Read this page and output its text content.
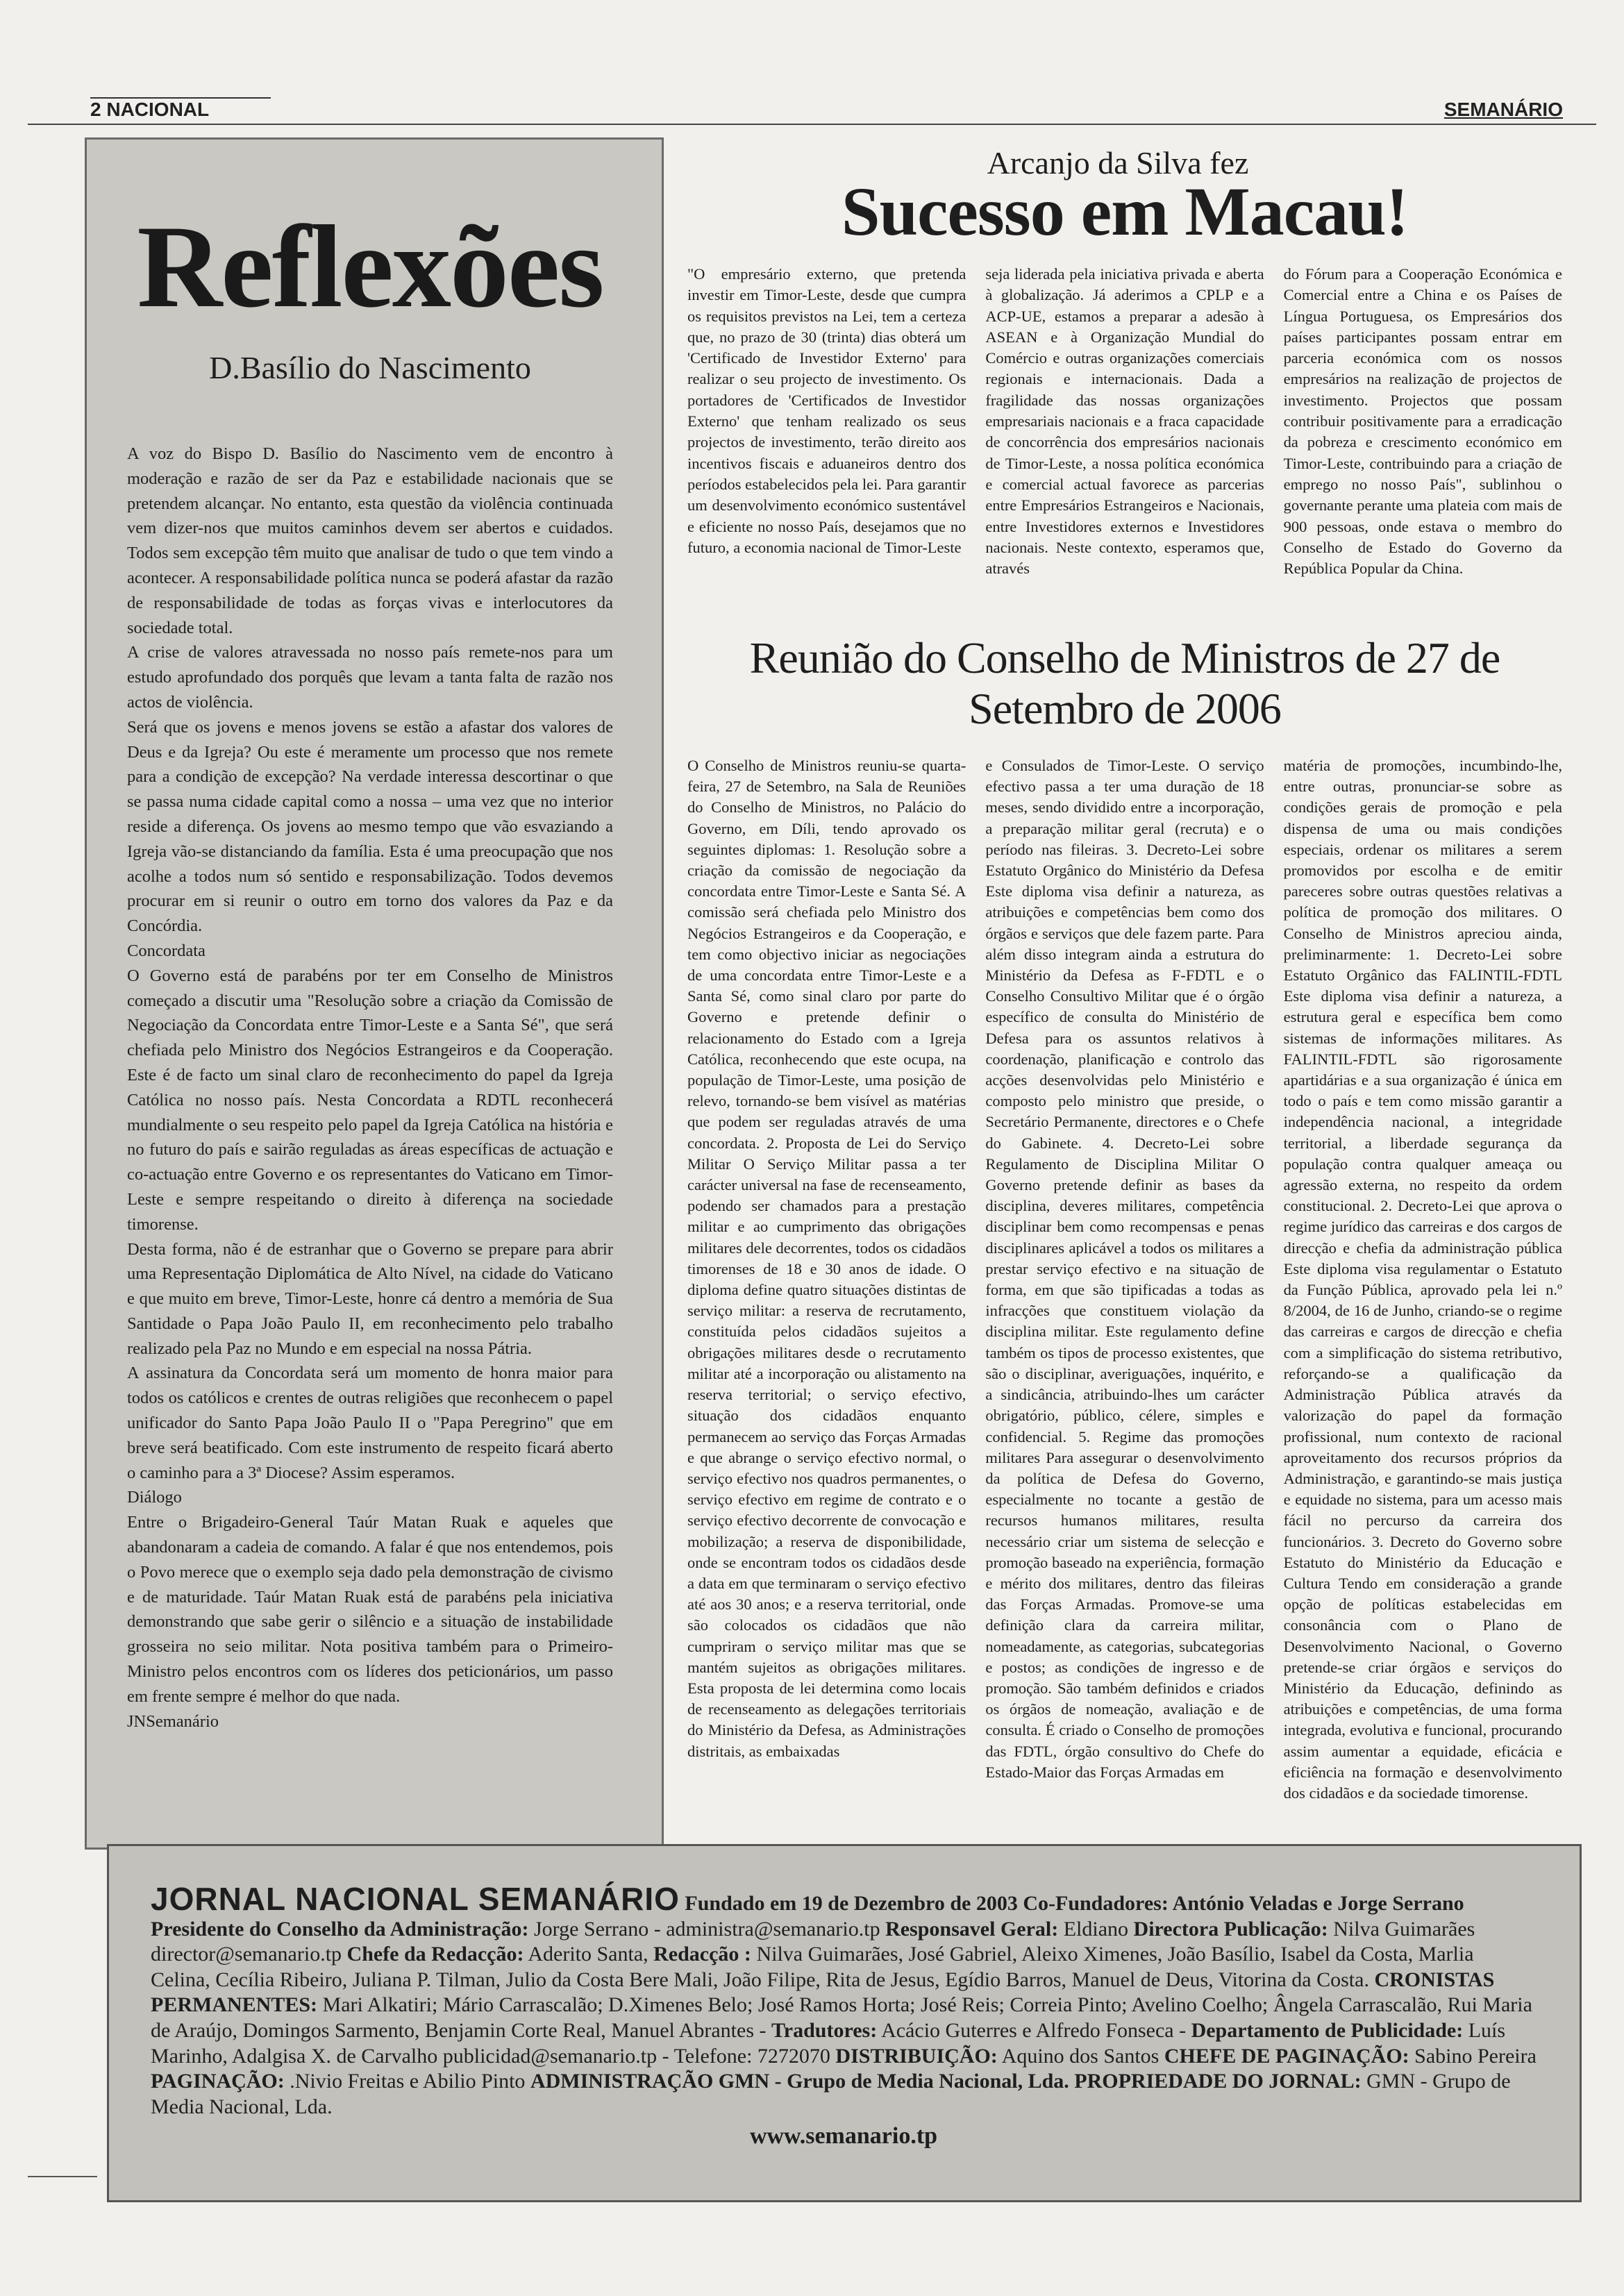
2 NACIONAL	SEMANÁRIO
Reflexões
D.Basílio do Nascimento

A voz do Bispo D. Basílio do Nascimento vem de encontro à moderação e razão de ser da Paz e estabilidade nacionais que se pretendem alcançar. No entanto, esta questão da violência continuada vem dizer-nos que muitos caminhos devem ser abertos e cuidados. Todos sem excepção têm muito que analisar de tudo o que tem vindo a acontecer. A responsabilidade política nunca se poderá afastar da razão de responsabilidade de todas as forças vivas e interlocutores da sociedade total.

A crise de valores atravessada no nosso país remete-nos para um estudo aprofundado dos porquês que levam a tanta falta de razão nos actos de violência.

Será que os jovens e menos jovens se estão a afastar dos valores de Deus e da Igreja? Ou este é meramente um processo que nos remete para a condição de excepção? Na verdade interessa descortinar o que se passa numa cidade capital como a nossa – uma vez que no interior reside a diferença. Os jovens ao mesmo tempo que vão esvaziando a Igreja vão-se distanciando da família. Esta é uma preocupação que nos acolhe a todos num só sentido e responsabilização. Todos devemos procurar em si reunir o outro em torno dos valores da Paz e da Concórdia.

Concordata

O Governo está de parabéns por ter em Conselho de Ministros começado a discutir uma "Resolução sobre a criação da Comissão de Negociação da Concordata entre Timor-Leste e a Santa Sé", que será chefiada pelo Ministro dos Negócios Estrangeiros e da Cooperação. Este é de facto um sinal claro de reconhecimento do papel da Igreja Católica no nosso país. Nesta Concordata a RDTL reconhecerá mundialmente o seu respeito pelo papel da Igreja Católica na história e no futuro do país e sairão reguladas as áreas específicas de actuação e co-actuação entre Governo e os representantes do Vaticano em Timor-Leste e sempre respeitando o direito à diferença na sociedade timorense.

Desta forma, não é de estranhar que o Governo se prepare para abrir uma Representação Diplomática de Alto Nível, na cidade do Vaticano e que muito em breve, Timor-Leste, honre cá dentro a memória de Sua Santidade o Papa João Paulo II, em reconhecimento pelo trabalho realizado pela Paz no Mundo e em especial na nossa Pátria.

A assinatura da Concordata será um momento de honra maior para todos os católicos e crentes de outras religiões que reconhecem o papel unificador do Santo Papa João Paulo II o "Papa Peregrino" que em breve será beatificado. Com este instrumento de respeito ficará aberto o caminho para a 3ª Diocese? Assim esperamos.

Diálogo

Entre o Brigadeiro-General Taúr Matan Ruak e aqueles que abandonaram a cadeia de comando. A falar é que nos entendemos, pois o Povo merece que o exemplo seja dado pela demonstração de civismo e de maturidade. Taúr Matan Ruak está de parabéns pela iniciativa demonstrando que sabe gerir o silêncio e a situação de instabilidade grosseira no seio militar. Nota positiva também para o Primeiro-Ministro pelos encontros com os líderes dos peticionários, um passo em frente sempre é melhor do que nada.

JNSemanário

Arcanjo da Silva fez
Sucesso em Macau!

"O empresário externo, que pretenda investir em Timor-Leste, desde que cumpra os requisitos previstos na Lei, tem a certeza que, no prazo de 30 (trinta) dias obterá um 'Certificado de Investidor Externo' para realizar o seu projecto de investimento. Os portadores de 'Certificados de Investidor Externo' que tenham realizado os seus projectos de investimento, terão direito aos incentivos fiscais e aduaneiros dentro dos períodos estabelecidos pela lei. Para garantir um desenvolvimento económico sustentável e eficiente no nosso País, desejamos que no futuro, a economia nacional de Timor-Leste

seja liderada pela iniciativa privada e aberta à globalização. Já aderimos a CPLP e a ACP-UE, estamos a preparar a adesão à ASEAN e à Organização Mundial do Comércio e outras organizações comerciais regionais e internacionais. Dada a fragilidade das nossas organizações empresariais nacionais e a fraca capacidade de concorrência dos empresários nacionais de Timor-Leste, a nossa política económica e comercial actual favorece as parcerias entre Empresários Estrangeiros e Nacionais, entre Investidores externos e Investidores nacionais. Neste contexto, esperamos que, através

do Fórum para a Cooperação Económica e Comercial entre a China e os Países de Língua Portuguesa, os Empresários dos países participantes possam entrar em parceria económica com os nossos empresários na realização de projectos de investimento. Projectos que possam contribuir positivamente para a erradicação da pobreza e crescimento económico em Timor-Leste, contribuindo para a criação de emprego no nosso País", sublinhou o governante perante uma plateia com mais de 900 pessoas, onde estava o membro do Conselho de Estado do Governo da República Popular da China.

Reunião do Conselho de Ministros de 27 de Setembro de 2006

O Conselho de Ministros reuniu-se quarta-feira, 27 de Setembro, na Sala de Reuniões do Conselho de Ministros, no Palácio do Governo, em Díli, tendo aprovado os seguintes diplomas: 1. Resolução sobre a criação da comissão de negociação da concordata entre Timor-Leste e Santa Sé. A comissão será chefiada pelo Ministro dos Negócios Estrangeiros e da Cooperação, e tem como objectivo iniciar as negociações de uma concordata entre Timor-Leste e a Santa Sé, como sinal claro por parte do Governo e pretende definir o relacionamento do Estado com a Igreja Católica, reconhecendo que este ocupa, na população de Timor-Leste, uma posição de relevo, tornando-se bem visível as matérias que podem ser reguladas através de uma concordata. 2. Proposta de Lei do Serviço Militar O Serviço Militar passa a ter carácter universal na fase de recenseamento, podendo ser chamados para a prestação militar e ao cumprimento das obrigações militares dele decorrentes, todos os cidadãos timorenses de 18 e 30 anos de idade. O diploma define quatro situações distintas de serviço militar: a reserva de recrutamento, constituída pelos cidadãos sujeitos a obrigações militares desde o recrutamento militar até a incorporação ou alistamento na reserva territorial; o serviço efectivo, situação dos cidadãos enquanto permanecem ao serviço das Forças Armadas e que abrange o serviço efectivo normal, o serviço efectivo nos quadros permanentes, o serviço efectivo em regime de contrato e o serviço efectivo decorrente de convocação e mobilização; a reserva de disponibilidade, onde se encontram todos os cidadãos desde a data em que terminaram o serviço efectivo até aos 30 anos; e a reserva territorial, onde são colocados os cidadãos que não cumpriram o serviço militar mas que se mantém sujeitos as obrigações militares. Esta proposta de lei determina como locais de recenseamento as delegações territoriais do Ministério da Defesa, as Administrações distritais, as embaixadas

e Consulados de Timor-Leste. O serviço efectivo passa a ter uma duração de 18 meses, sendo dividido entre a incorporação, a preparação militar geral (recruta) e o período nas fileiras. 3. Decreto-Lei sobre Estatuto Orgânico do Ministério da Defesa Este diploma visa definir a natureza, as atribuições e competências bem como dos órgãos e serviços que dele fazem parte. Para além disso integram ainda a estrutura do Ministério da Defesa as F-FDTL e o Conselho Consultivo Militar que é o órgão específico de consulta do Ministério de Defesa para os assuntos relativos à coordenação, planificação e controlo das acções desenvolvidas pelo Ministério e composto pelo ministro que preside, o Secretário Permanente, directores e o Chefe do Gabinete. 4. Decreto-Lei sobre Regulamento de Disciplina Militar O Governo pretende definir as bases da disciplina, deveres militares, competência disciplinar bem como recompensas e penas disciplinares aplicável a todos os militares a prestar serviço efectivo e na situação de forma, em que são tipificadas a todas as infracções que constituem violação da disciplina militar. Este regulamento define também os tipos de processo existentes, que são o disciplinar, averiguações, inquérito, e a sindicância, atribuindo-lhes um carácter obrigatório, público, célere, simples e confidencial. 5. Regime das promoções militares Para assegurar o desenvolvimento da política de Defesa do Governo, especialmente no tocante a gestão de recursos humanos militares, resulta necessário criar um sistema de selecção e promoção baseado na experiência, formação e mérito dos militares, dentro das fileiras das Forças Armadas. Promove-se uma definição clara da carreira militar, nomeadamente, as categorias, subcategorias e postos; as condições de ingresso e de promoção. São também definidos e criados os órgãos de nomeação, avaliação e de consulta. É criado o Conselho de promoções das FDTL, órgão consultivo do Chefe do Estado-Maior das Forças Armadas em

matéria de promoções, incumbindo-lhe, entre outras, pronunciar-se sobre as condições gerais de promoção e pela dispensa de uma ou mais condições especiais, ordenar os militares a serem promovidos por escolha e de emitir pareceres sobre outras questões relativas a política de promoção dos militares. O Conselho de Ministros apreciou ainda, preliminarmente: 1. Decreto-Lei sobre Estatuto Orgânico das FALINTIL-FDTL Este diploma visa definir a natureza, a estrutura geral e específica bem como sistemas de informações militares. As FALINTIL-FDTL são rigorosamente apartidárias e a sua organização é única em todo o país e tem como missão garantir a independência nacional, a integridade territorial, a liberdade segurança da população contra qualquer ameaça ou agressão externa, no respeito da ordem constitucional. 2. Decreto-Lei que aprova o regime jurídico das carreiras e dos cargos de direcção e chefia da administração pública Este diploma visa regulamentar o Estatuto da Função Pública, aprovado pela lei n.º 8/2004, de 16 de Junho, criando-se o regime das carreiras e cargos de direcção e chefia com a simplificação do sistema retributivo, reforçando-se a qualificação da Administração Pública através da valorização do papel da formação profissional, num contexto de racional aproveitamento dos recursos próprios da Administração, e garantindo-se mais justiça e equidade no sistema, para um acesso mais fácil no percurso da carreira dos funcionários. 3. Decreto do Governo sobre Estatuto do Ministério da Educação e Cultura Tendo em consideração a grande opção de políticas estabelecidas em consonância com o Plano de Desenvolvimento Nacional, o Governo pretende-se criar órgãos e serviços do Ministério da Educação, definindo as atribuições e competências, de uma forma integrada, evolutiva e funcional, procurando assim aumentar a equidade, eficácia e eficiência na formação e desenvolvimento dos cidadãos e da sociedade timorense.

JORNAL NACIONAL SEMANÁRIO Fundado em 19 de Dezembro de 2003 Co-Fundadores: António Veladas e Jorge Serrano Presidente do Conselho da Administração: Jorge Serrano - administra@semanario.tp Responsavel Geral: Eldiano Directora Publicação: Nilva Guimarães director@semanario.tp Chefe da Redacção: Aderito Santa, Redacção : Nilva Guimarães, José Gabriel, Aleixo Ximenes, João Basílio, Isabel da Costa, Marlia Celina, Cecília Ribeiro, Juliana P. Tilman, Julio da Costa Bere Mali, João Filipe, Rita de Jesus, Egídio Barros, Manuel de Deus, Vitorina da Costa. CRONISTAS PERMANENTES: Mari Alkatiri; Mário Carrascalão; D.Ximenes Belo; José Ramos Horta; José Reis; Correia Pinto; Avelino Coelho; Ângela Carrascalão, Rui Maria de Araújo, Domingos Sarmento, Benjamin Corte Real, Manuel Abrantes - Tradutores: Acácio Guterres e Alfredo Fonseca - Departamento de Publicidade: Luís Marinho, Adalgisa X. de Carvalho publicidad@semanario.tp - Telefone: 7272070 DISTRIBUIÇÃO: Aquino dos Santos CHEFE DE PAGINAÇÃO: Sabino Pereira PAGINAÇÃO: .Nivio Freitas e Abilio Pinto ADMINISTRAÇÃO GMN - Grupo de Media Nacional, Lda. PROPRIEDADE DO JORNAL: GMN - Grupo de Media Nacional, Lda.
www.semanario.tp
